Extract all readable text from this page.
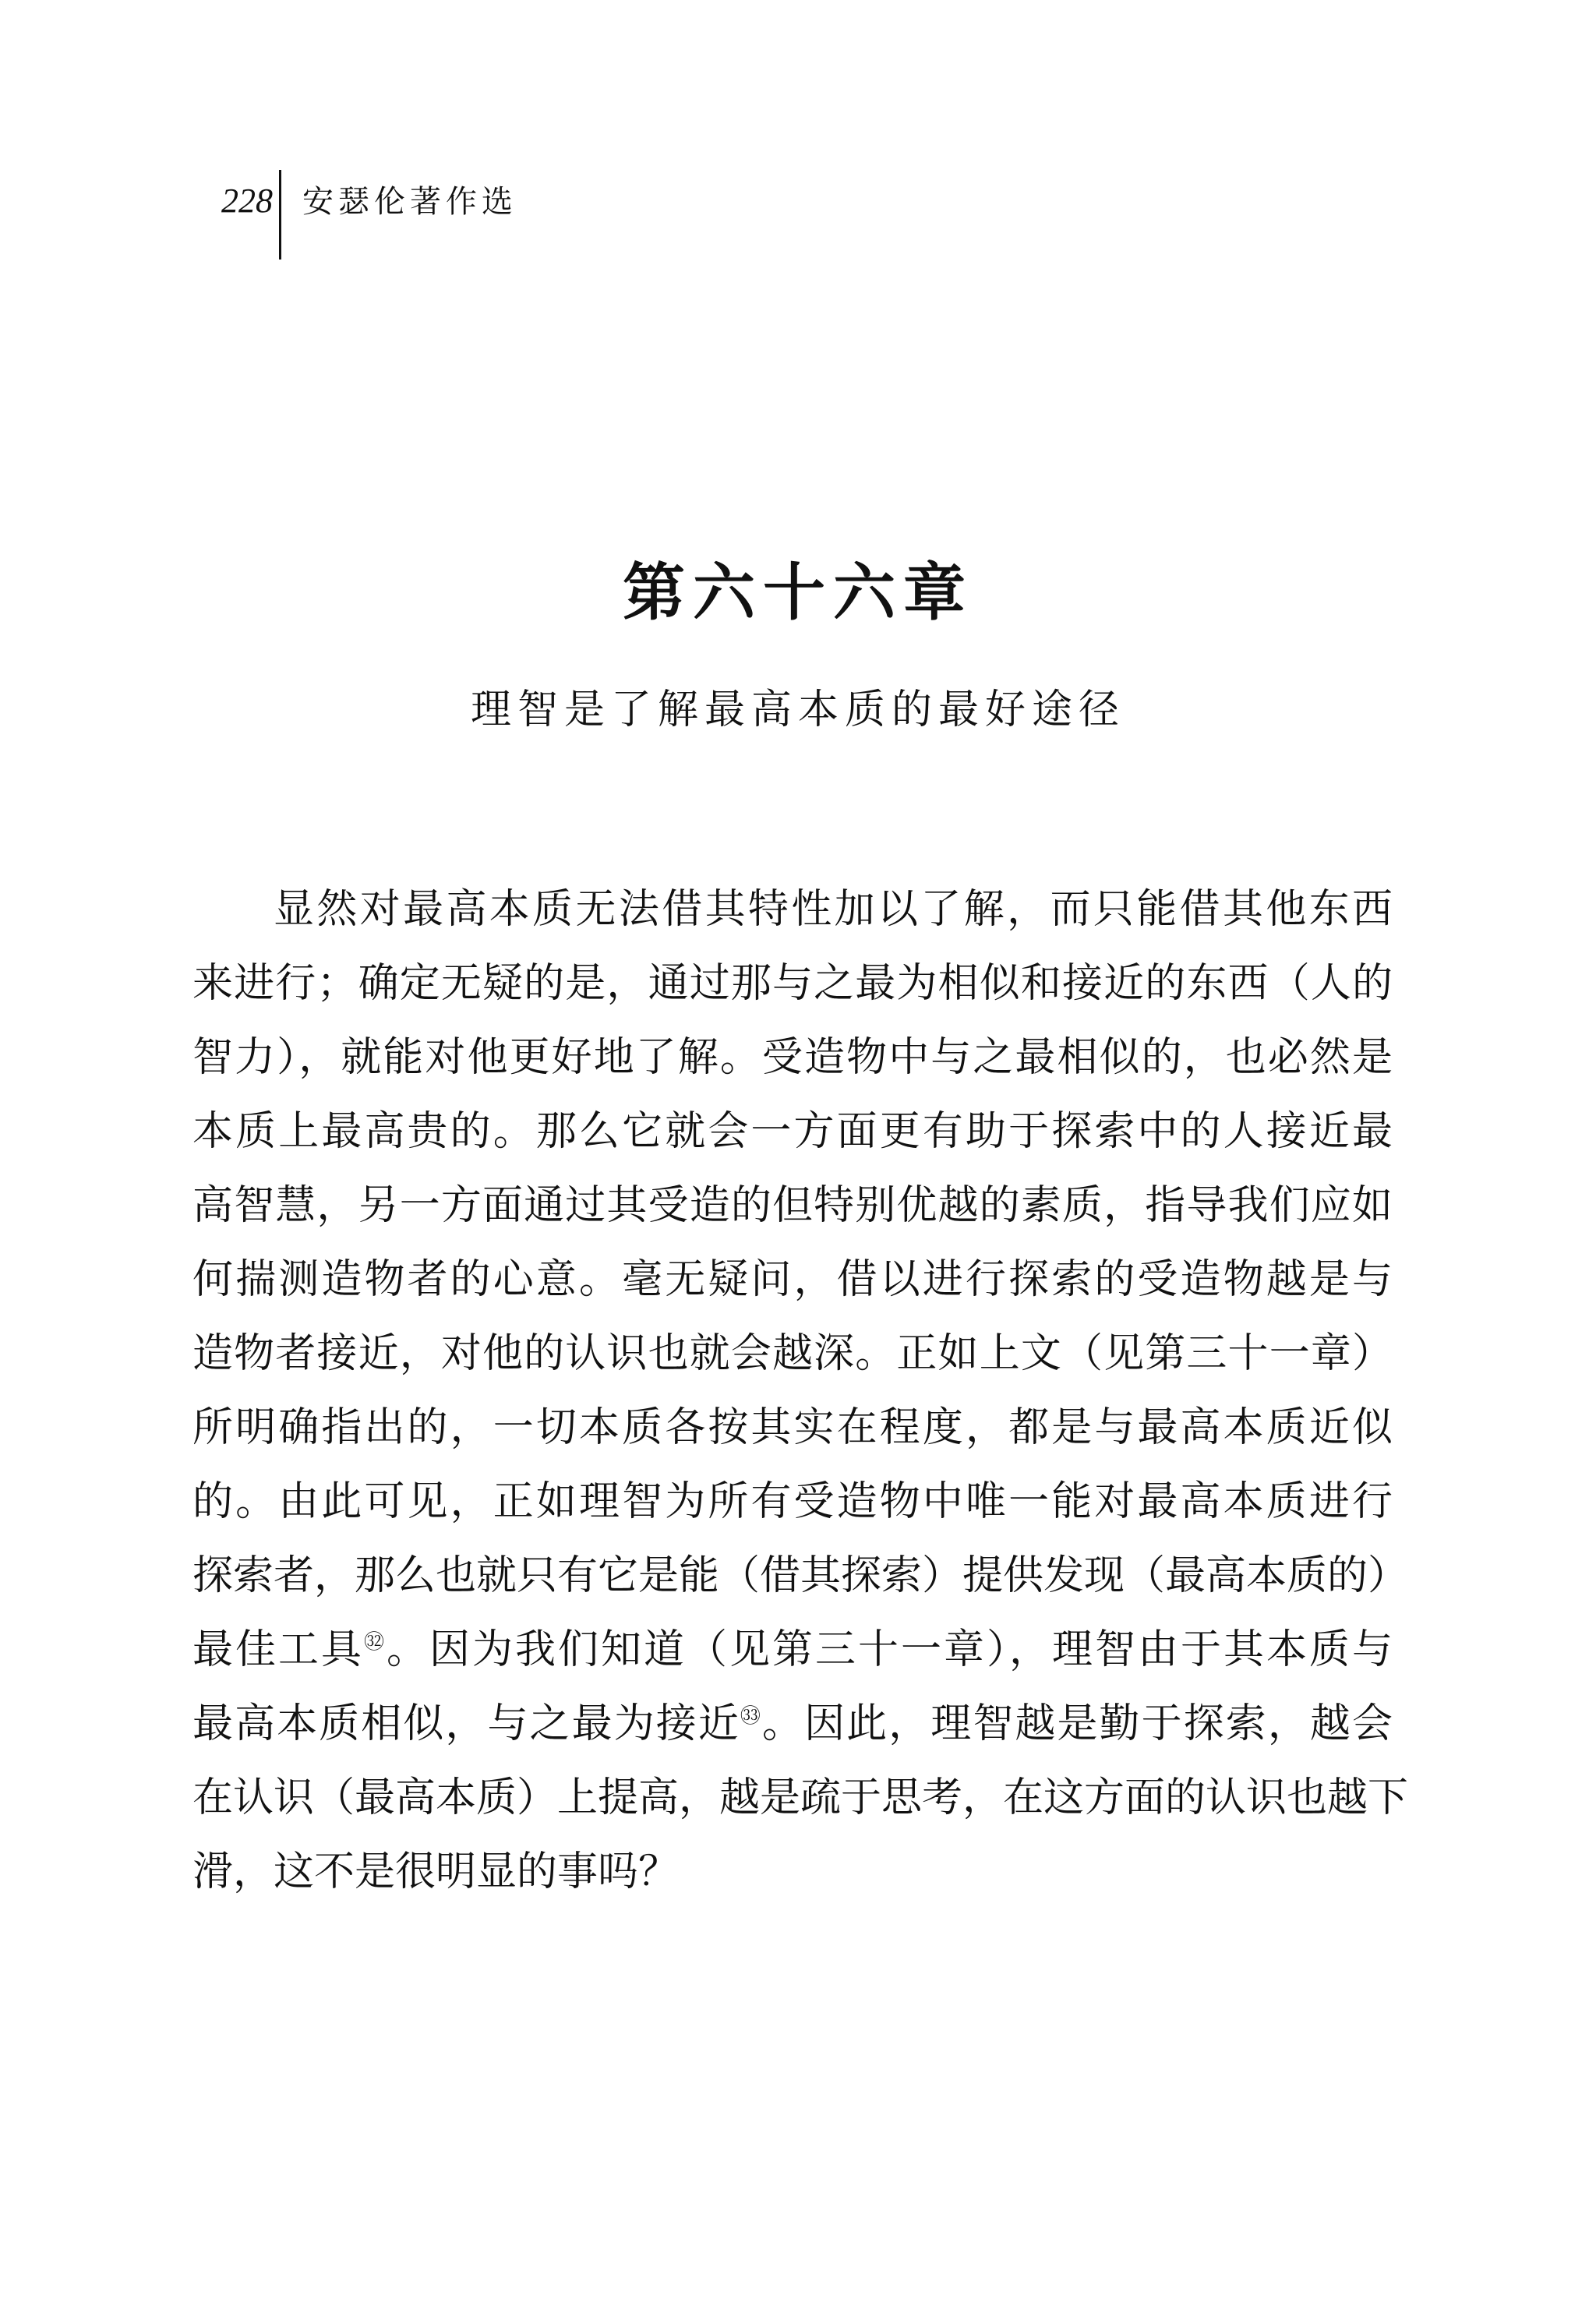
228 安瑟伦著作选
第六十六章
理智是了解最高本质的最好途径
显然对最高本质无法借其特性加以了解，而只能借其他东西
来进行；确定无疑的是，通过那与之最为相似和接近的东西（人的
智力），就能对他更好地了解。受造物中与之最相似的，也必然是
本质上最高贵的。那么它就会一方面更有助于探索中的人接近最
高智慧，另一方面通过其受造的但特别优越的素质，指导我们应如
何揣测造物者的心意。毫无疑问，借以进行探索的受造物越是与
造物者接近，对他的认识也就会越深。正如上文（见第三十一章）
所明确指出的，一切本质各按其实在程度，都是与最高本质近似
的。由此可见，正如理智为所有受造物中唯一能对最高本质进行
探索者，那么也就只有它是能（借其探索）提供发现（最高本质的）
最佳工具$^㉜$。因为我们知道（见第三十一章），理智由于其本质与
最高本质相似，与之最为接近$^㉝$。因此，理智越是勤于探索，越会
在认识（最高本质）上提高，越是疏于思考，在这方面的认识也越下
滑，这不是很明显的事吗？
